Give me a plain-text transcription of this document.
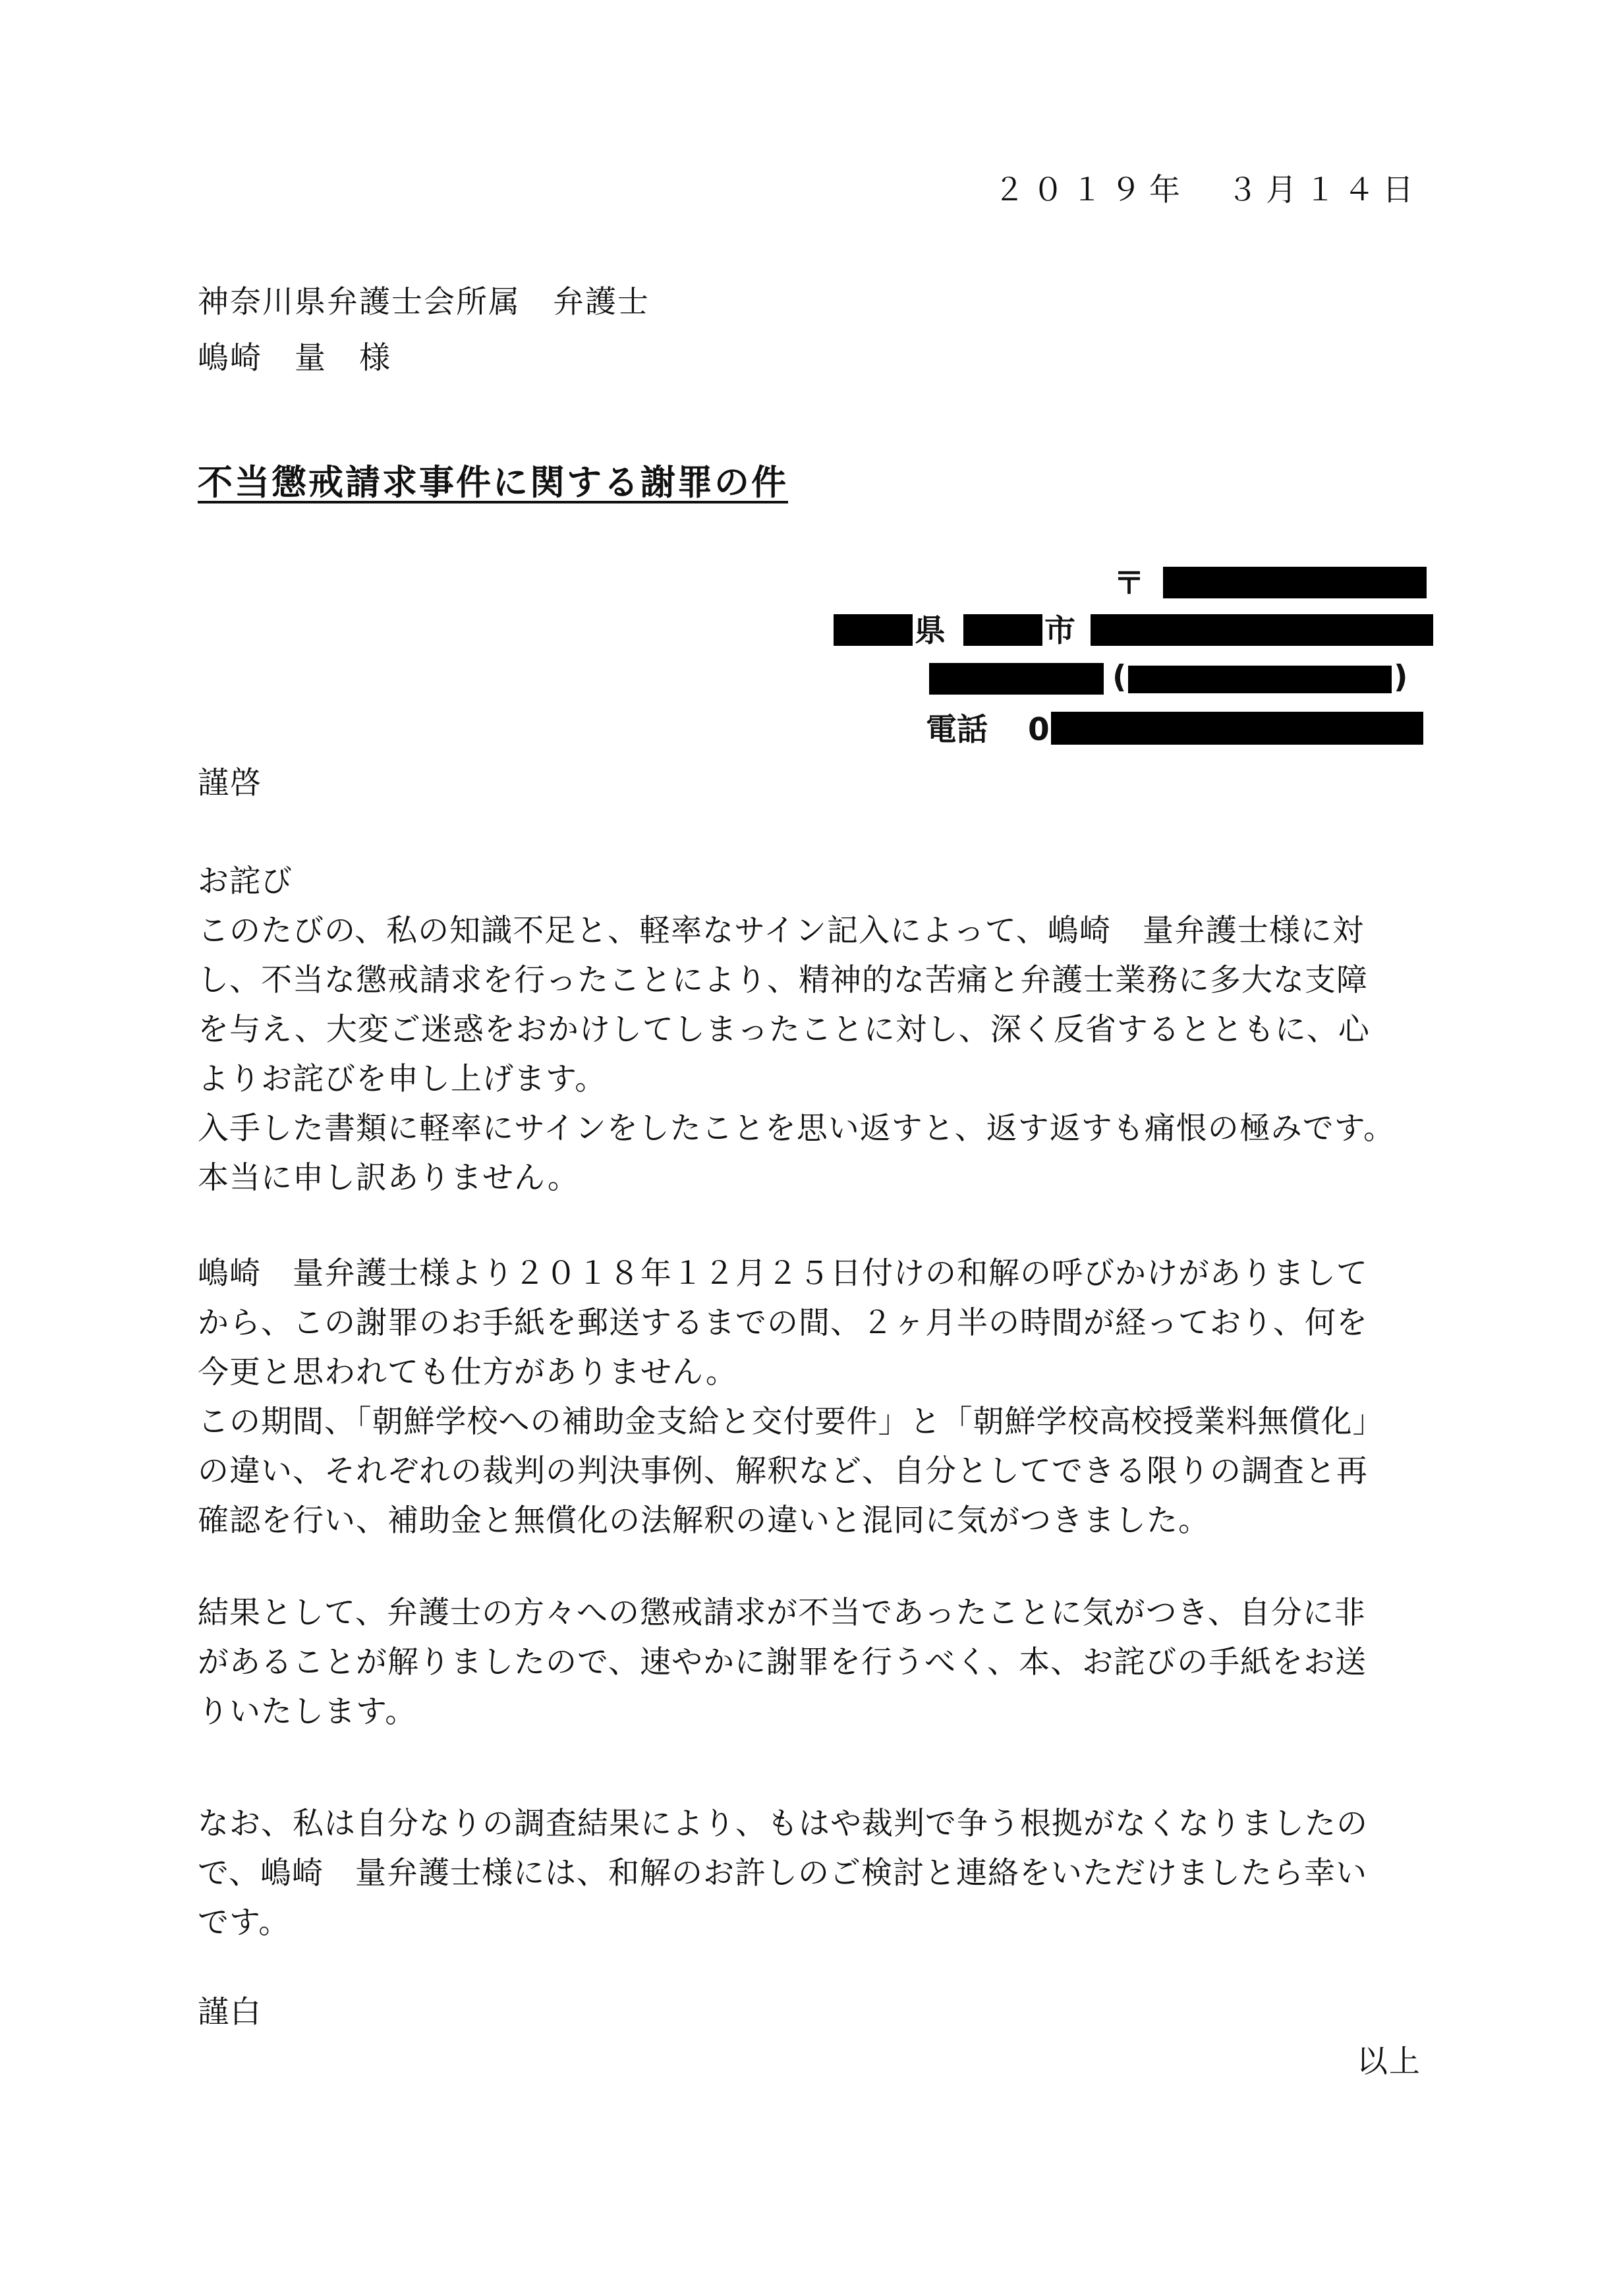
２０１９年　３月１４日
神奈川県弁護士会所属　弁護士
嶋崎　量　様
不当懲戒請求事件に関する謝罪の件
〒
県	市
(	)
電話 0
謹啓
お詫び
このたびの、私の知識不足と、軽率なサイン記入によって、嶋崎　量弁護士様に対
し、不当な懲戒請求を行ったことにより、精神的な苦痛と弁護士業務に多大な支障
を与え、大変ご迷惑をおかけしてしまったことに対し、深く反省するとともに、心
よりお詫びを申し上げます。
入手した書類に軽率にサインをしたことを思い返すと、返す返すも痛恨の極みです。
本当に申し訳ありません。
嶋崎　量弁護士様より２０１８年１２月２５日付けの和解の呼びかけがありまして
から、この謝罪のお手紙を郵送するまでの間、２ヶ月半の時間が経っており、何を
今更と思われても仕方がありません。
この期間、「朝鮮学校への補助金支給と交付要件」と「朝鮮学校高校授業料無償化」
の違い、それぞれの裁判の判決事例、解釈など、自分としてできる限りの調査と再
確認を行い、補助金と無償化の法解釈の違いと混同に気がつきました。
結果として、弁護士の方々への懲戒請求が不当であったことに気がつき、自分に非
があることが解りましたので、速やかに謝罪を行うべく、本、お詫びの手紙をお送
りいたします。
なお、私は自分なりの調査結果により、もはや裁判で争う根拠がなくなりましたの
で、嶋崎　量弁護士様には、和解のお許しのご検討と連絡をいただけましたら幸い
です。
謹白
以上
